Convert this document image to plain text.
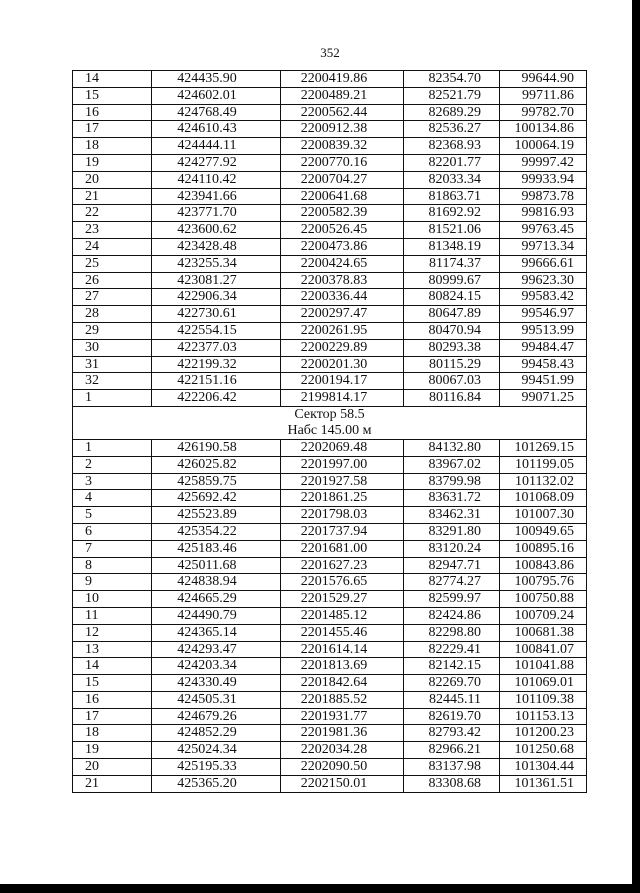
352
14	424435.90	2200419.86	82354.70	99644.90
15	424602.01	2200489.21	82521.79	99711.86
16	424768.49	2200562.44	82689.29	99782.70
17	424610.43	2200912.38	82536.27	100134.86
18	424444.11	2200839.32	82368.93	100064.19
19	424277.92	2200770.16	82201.77	99997.42
20	424110.42	2200704.27	82033.34	99933.94
21	423941.66	2200641.68	81863.71	99873.78
22	423771.70	2200582.39	81692.92	99816.93
23	423600.62	2200526.45	81521.06	99763.45
24	423428.48	2200473.86	81348.19	99713.34
25	423255.34	2200424.65	81174.37	99666.61
26	423081.27	2200378.83	80999.67	99623.30
27	422906.34	2200336.44	80824.15	99583.42
28	422730.61	2200297.47	80647.89	99546.97
29	422554.15	2200261.95	80470.94	99513.99
30	422377.03	2200229.89	80293.38	99484.47
31	422199.32	2200201.30	80115.29	99458.43
32	422151.16	2200194.17	80067.03	99451.99
1	422206.42	2199814.17	80116.84	99071.25
Сектор 58.5				
Набс 145.00 м				
1	426190.58	2202069.48	84132.80	101269.15
2	426025.82	2201997.00	83967.02	101199.05
3	425859.75	2201927.58	83799.98	101132.02
4	425692.42	2201861.25	83631.72	101068.09
5	425523.89	2201798.03	83462.31	101007.30
6	425354.22	2201737.94	83291.80	100949.65
7	425183.46	2201681.00	83120.24	100895.16
8	425011.68	2201627.23	82947.71	100843.86
9	424838.94	2201576.65	82774.27	100795.76
10	424665.29	2201529.27	82599.97	100750.88
11	424490.79	2201485.12	82424.86	100709.24
12	424365.14	2201455.46	82298.80	100681.38
13	424293.47	2201614.14	82229.41	100841.07
14	424203.34	2201813.69	82142.15	101041.88
15	424330.49	2201842.64	82269.70	101069.01
16	424505.31	2201885.52	82445.11	101109.38
17	424679.26	2201931.77	82619.70	101153.13
18	424852.29	2201981.36	82793.42	101200.23
19	425024.34	2202034.28	82966.21	101250.68
20	425195.33	2202090.50	83137.98	101304.44
21	425365.20	2202150.01	83308.68	101361.51
